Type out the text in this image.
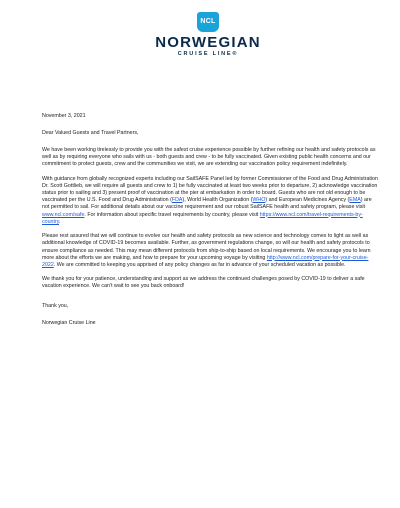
NCL
NORWEGIAN
CRUISE LINE®

November 3, 2021

Dear Valued Guests and Travel Partners,

We have been working tirelessly to provide you with the safest cruise experience possible by further refining our health and safety protocols as well as by requiring everyone who sails with us - both guests and crew - to be fully vaccinated. Given existing public health concerns and our commitment to protect guests, crew and the communities we visit, we are extending our vaccination policy requirement indefinitely.

With guidance from globally recognized experts including our SailSAFE Panel led by former Commissioner of the Food and Drug Administration Dr. Scott Gottlieb, we will require all guests and crew to 1) be fully vaccinated at least two weeks prior to departure, 2) acknowledge vaccination status prior to sailing and 3) present proof of vaccination at the pier at embarkation in order to board. Guests who are not old enough to be vaccinated per the U.S. Food and Drug Administration (FDA), World Health Organization (WHO) and European Medicines Agency (EMA) are not permitted to sail. For additional details about our vaccine requirement and our robust SailSAFE health and safety program, please visit www.ncl.com/safe. For information about specific travel requirements by country, please visit https://www.ncl.com/travel-requirements-by-country.

Please rest assured that we will continue to evolve our health and safety protocols as new science and technology comes to light as well as additional knowledge of COVID-19 becomes available. Further, as government regulations change, so will our health and safety protocols to ensure compliance as needed. This may mean different protocols from ship-to-ship based on local requirements. We encourage you to learn more about the efforts we are making, and how to prepare for your upcoming voyage by visiting http://www.ncl.com/prepare-for-your-cruise-2022. We are committed to keeping you apprised of any policy changes as far in advance of your scheduled vacation as possible.

We thank you for your patience, understanding and support as we address the continued challenges posed by COVID-19 to deliver a safe vacation experience. We can’t wait to see you back onboard!

Thank you,

Norwegian Cruise Line
